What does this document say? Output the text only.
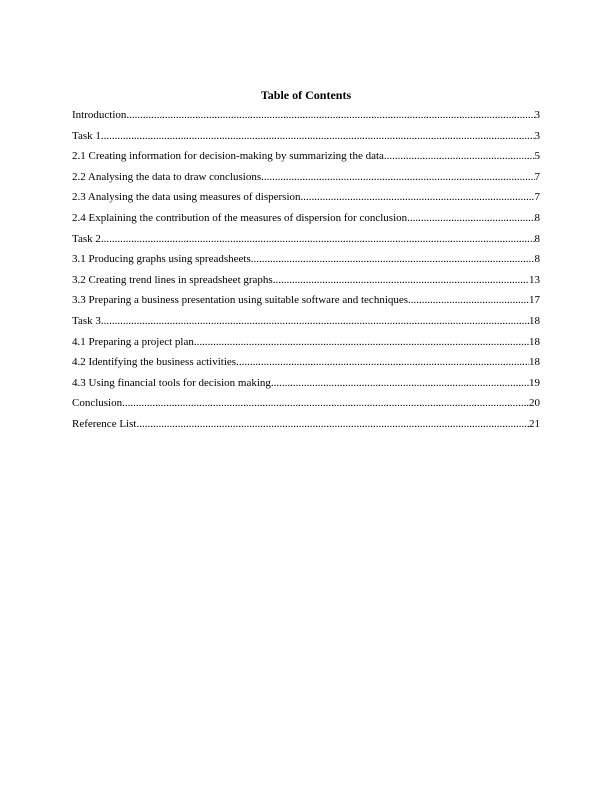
Table of Contents
Introduction .....	3
Task 1 .....	3
2.1 Creating information for decision-making by summarizing the data .....	5
2.2 Analysing the data to draw conclusions .....	7
2.3 Analysing the data using measures of dispersion .....	7
2.4 Explaining the contribution of the measures of dispersion for conclusion .....	8
Task 2 .....	8
3.1 Producing graphs using spreadsheets .....	8
3.2 Creating trend lines in spreadsheet graphs .....	13
3.3 Preparing a business presentation using suitable software and techniques .....	17
Task 3 .....	18
4.1 Preparing a project plan .....	18
4.2 Identifying the business activities .....	18
4.3 Using financial tools for decision making .....	19
Conclusion .....	20
Reference List .....	21
